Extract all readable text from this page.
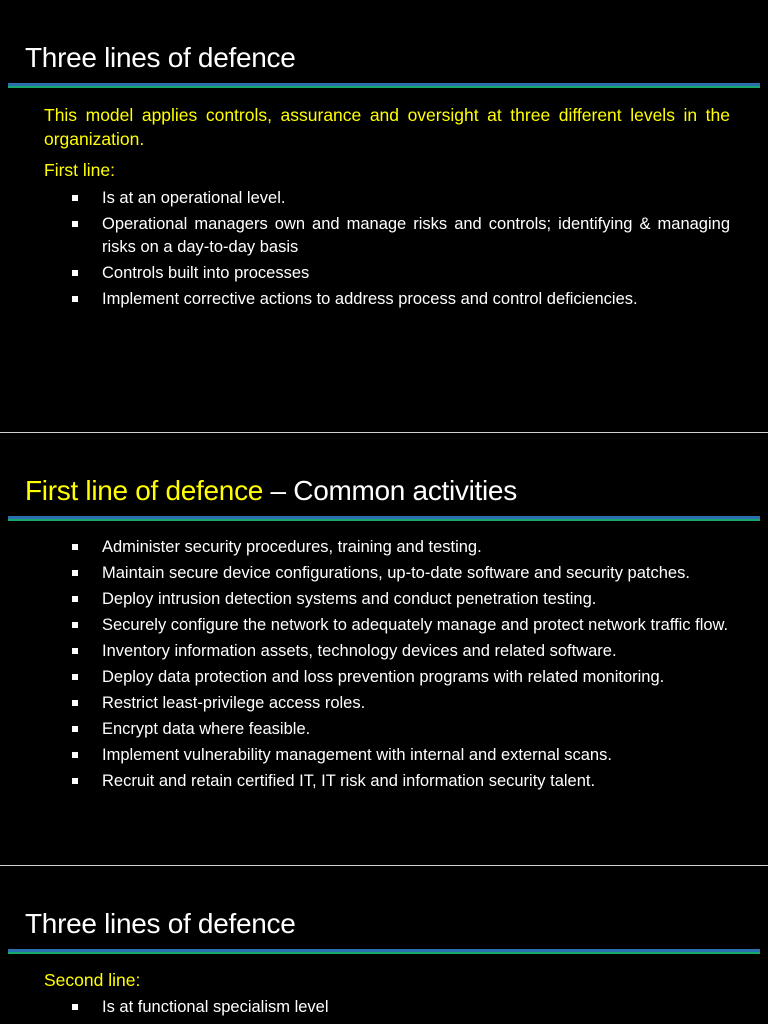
Three lines of defence
This model applies controls, assurance and oversight at three different levels in the organization.
First line:
Is at an operational level.
Operational managers own and manage risks and controls; identifying & managing risks on a day-to-day basis
Controls built into processes
Implement corrective actions to address process and control deficiencies.
First line of defence – Common activities
Administer security procedures, training and testing.
Maintain secure device configurations, up-to-date software and security patches.
Deploy intrusion detection systems and conduct penetration testing.
Securely configure the network to adequately manage and protect network traffic flow.
Inventory information assets, technology devices and related software.
Deploy data protection and loss prevention programs with related monitoring.
Restrict least-privilege access roles.
Encrypt data where feasible.
Implement vulnerability management with internal and external scans.
Recruit and retain certified IT, IT risk and information security talent.
Three lines of defence
Second line:
Is at functional specialism level
